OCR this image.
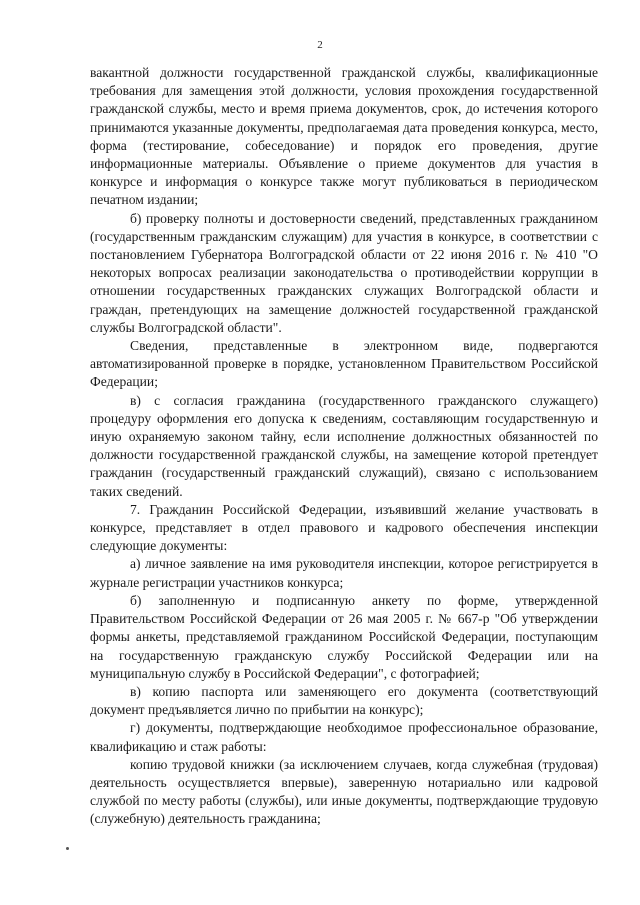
2

вакантной должности государственной гражданской службы, квалификационные требования для замещения этой должности, условия прохождения государственной гражданской службы, место и время приема документов, срок, до истечения которого принимаются указанные документы, предполагаемая дата проведения конкурса, место, форма (тестирование, собеседование) и порядок его проведения, другие информационные материалы. Объявление о приеме документов для участия в конкурсе и информация о конкурсе также могут публиковаться в периодическом печатном издании;

б) проверку полноты и достоверности сведений, представленных гражданином (государственным гражданским служащим) для участия в конкурсе, в соответствии с постановлением Губернатора Волгоградской области от 22 июня 2016 г. № 410 "О некоторых вопросах реализации законодательства о противодействии коррупции в отношении государственных гражданских служащих Волгоградской области и граждан, претендующих на замещение должностей государственной гражданской службы Волгоградской области".

Сведения, представленные в электронном виде, подвергаются автоматизированной проверке в порядке, установленном Правительством Российской Федерации;

в) с согласия гражданина (государственного гражданского служащего) процедуру оформления его допуска к сведениям, составляющим государственную и иную охраняемую законом тайну, если исполнение должностных обязанностей по должности государственной гражданской службы, на замещение которой претендует гражданин (государственный гражданский служащий), связано с использованием таких сведений.

7. Гражданин Российской Федерации, изъявивший желание участвовать в конкурсе, представляет в отдел правового и кадрового обеспечения инспекции следующие документы:

а) личное заявление на имя руководителя инспекции, которое регистрируется в журнале регистрации участников конкурса;

б) заполненную и подписанную анкету по форме, утвержденной Правительством Российской Федерации от 26 мая 2005 г. № 667-р "Об утверждении формы анкеты, представляемой гражданином Российской Федерации, поступающим на государственную гражданскую службу Российской Федерации или на муниципальную службу в Российской Федерации", с фотографией;

в) копию паспорта или заменяющего его документа (соответствующий документ предъявляется лично по прибытии на конкурс);

г) документы, подтверждающие необходимое профессиональное образование, квалификацию и стаж работы:

копию трудовой книжки (за исключением случаев, когда служебная (трудовая) деятельность осуществляется впервые), заверенную нотариально или кадровой службой по месту работы (службы), или иные документы, подтверждающие трудовую (служебную) деятельность гражданина;
